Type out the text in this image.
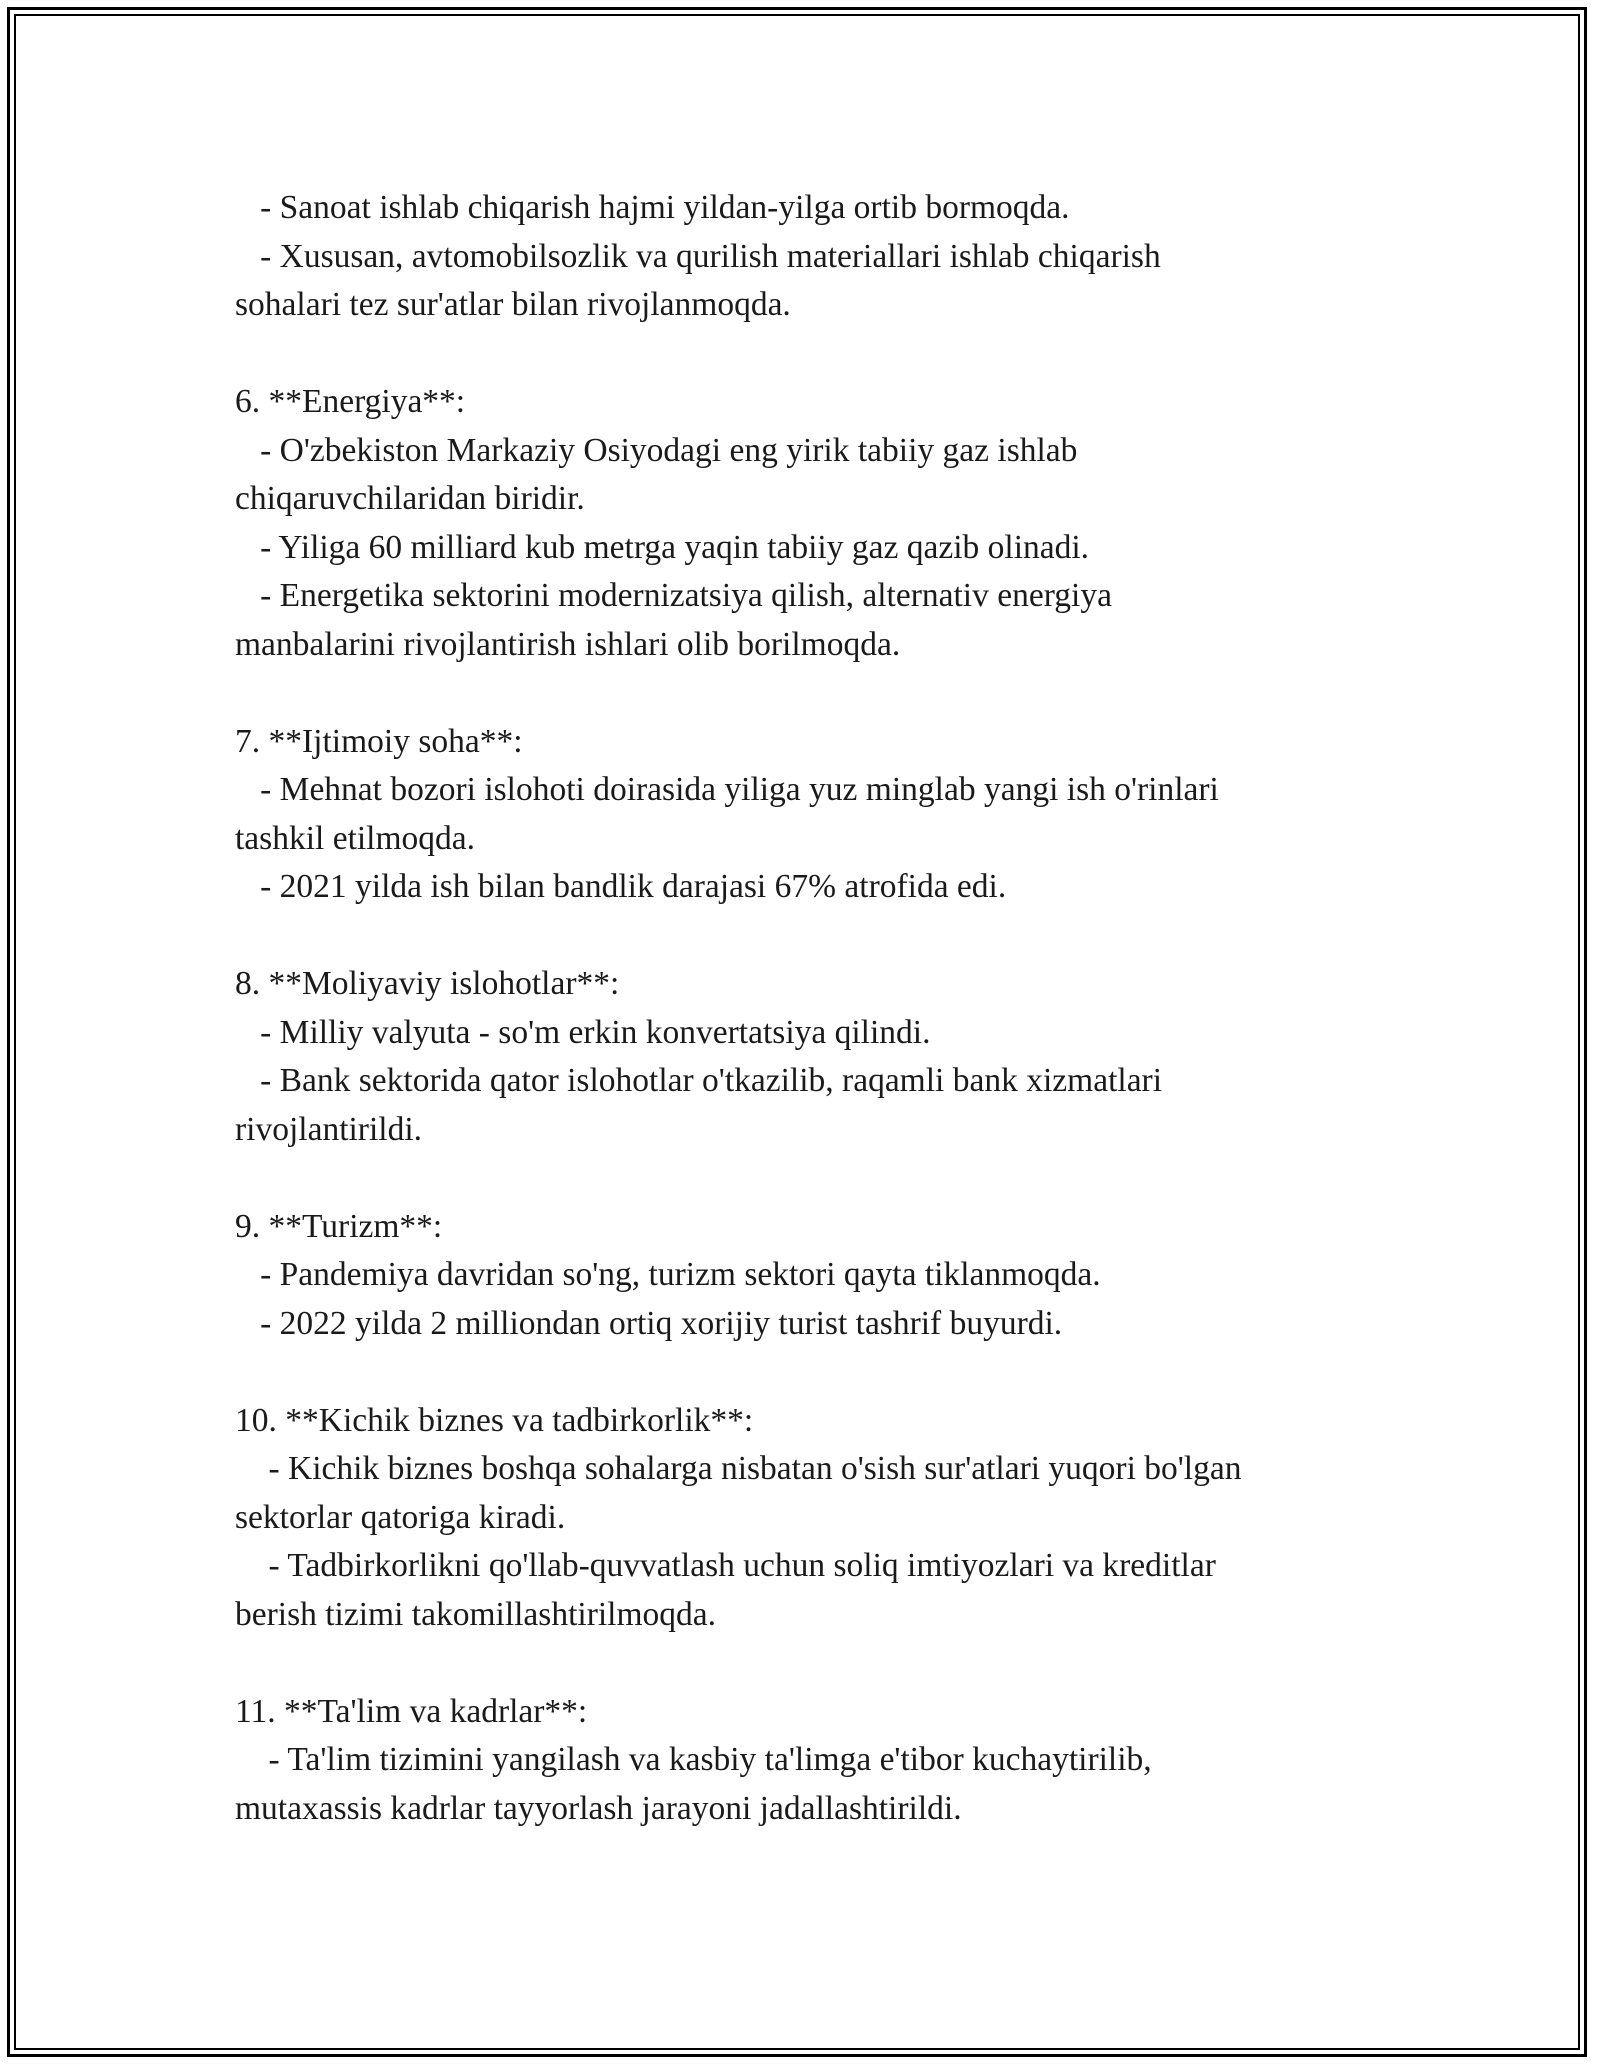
- Sanoat ishlab chiqarish hajmi yildan-yilga ortib bormoqda.
- Xususan, avtomobilsozlik va qurilish materiallari ishlab chiqarish
sohalari tez sur'atlar bilan rivojlanmoqda.
6. **Energiya**:
- O'zbekiston Markaziy Osiyodagi eng yirik tabiiy gaz ishlab
chiqaruvchilaridan biridir.
- Yiliga 60 milliard kub metrga yaqin tabiiy gaz qazib olinadi.
- Energetika sektorini modernizatsiya qilish, alternativ energiya
manbalarini rivojlantirish ishlari olib borilmoqda.
7. **Ijtimoiy soha**:
- Mehnat bozori islohoti doirasida yiliga yuz minglab yangi ish o'rinlari
tashkil etilmoqda.
- 2021 yilda ish bilan bandlik darajasi 67% atrofida edi.
8. **Moliyaviy islohotlar**:
- Milliy valyuta - so'm erkin konvertatsiya qilindi.
- Bank sektorida qator islohotlar o'tkazilib, raqamli bank xizmatlari
rivojlantirildi.
9. **Turizm**:
- Pandemiya davridan so'ng, turizm sektori qayta tiklanmoqda.
- 2022 yilda 2 milliondan ortiq xorijiy turist tashrif buyurdi.
10. **Kichik biznes va tadbirkorlik**:
- Kichik biznes boshqa sohalarga nisbatan o'sish sur'atlari yuqori bo'lgan
sektorlar qatoriga kiradi.
- Tadbirkorlikni qo'llab-quvvatlash uchun soliq imtiyozlari va kreditlar
berish tizimi takomillashtirilmoqda.
11. **Ta'lim va kadrlar**:
- Ta'lim tizimini yangilash va kasbiy ta'limga e'tibor kuchaytirilib,
mutaxassis kadrlar tayyorlash jarayoni jadallashtirildi.
